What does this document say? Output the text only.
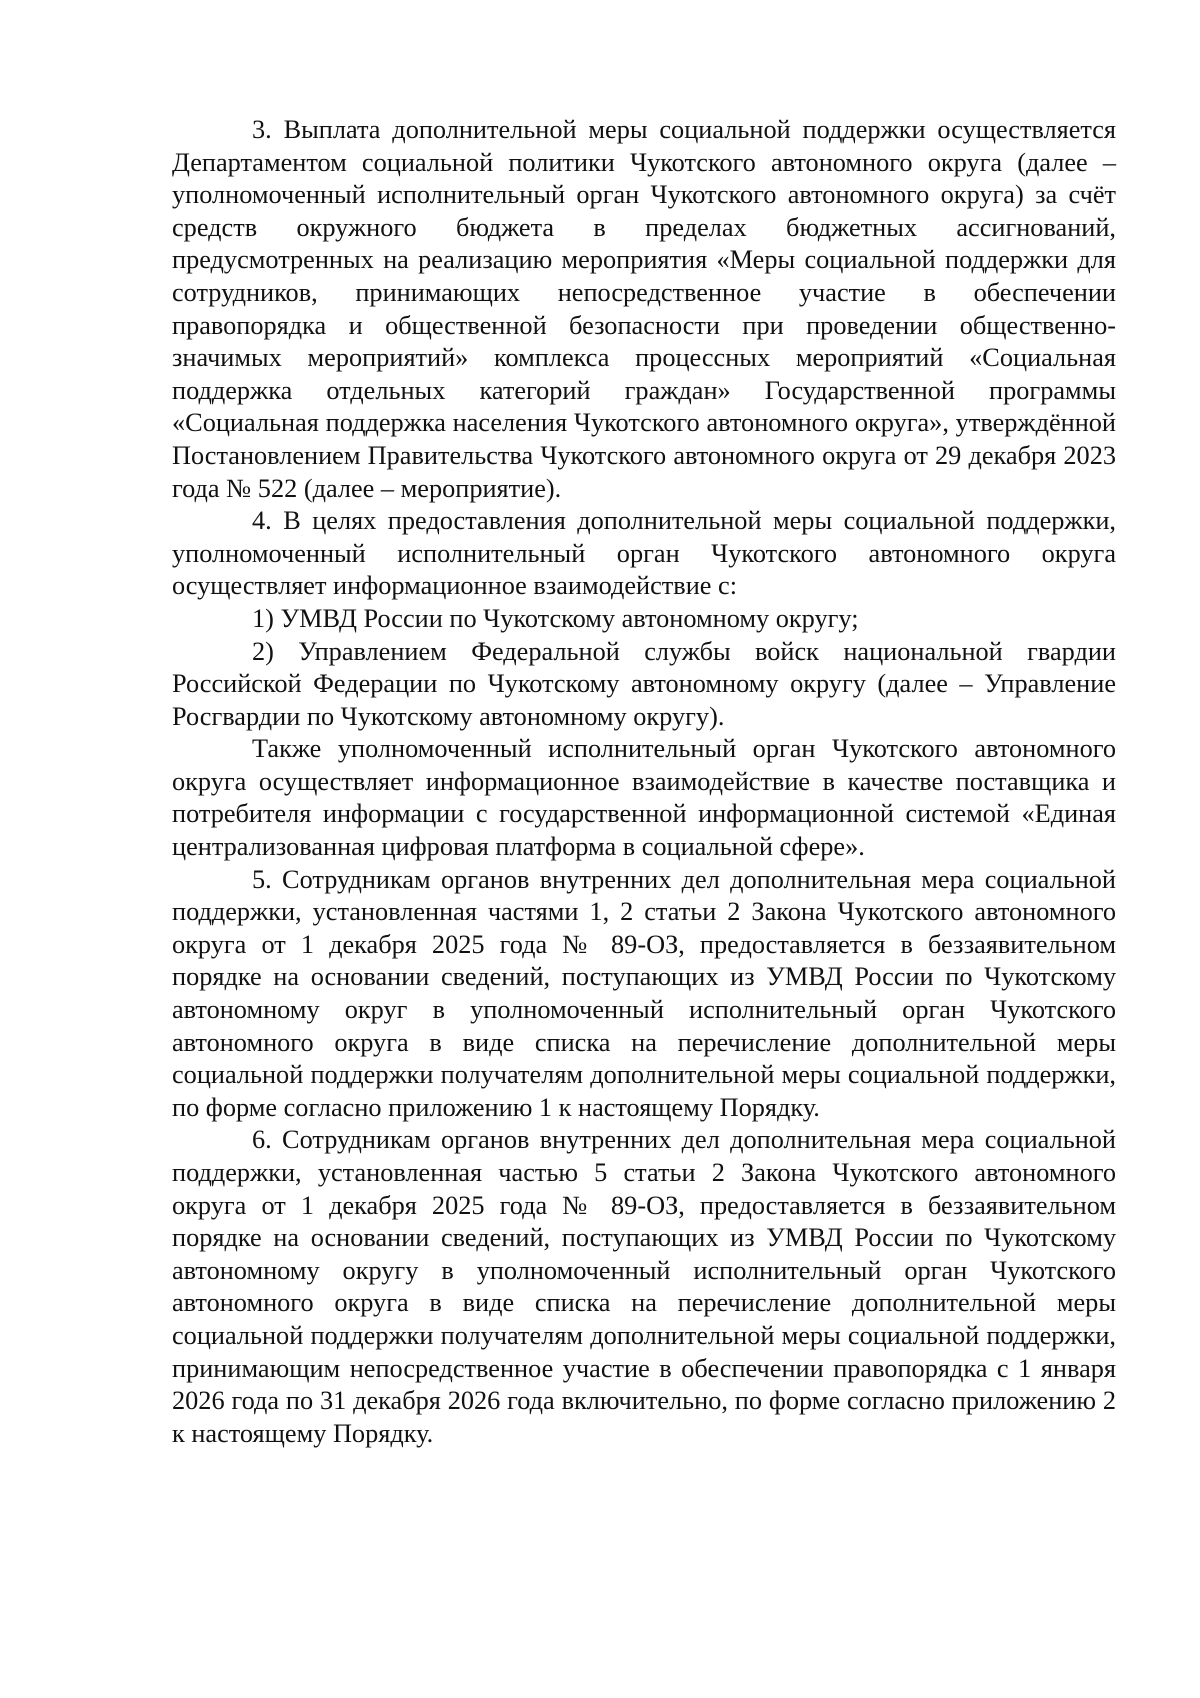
3. Выплата дополнительной меры социальной поддержки осуществляется Департаментом социальной политики Чукотского автономного округа (далее – уполномоченный исполнительный орган Чукотского автономного округа) за счёт средств окружного бюджета в пределах бюджетных ассигнований, предусмотренных на реализацию мероприятия «Меры социальной поддержки для сотрудников, принимающих непосредственное участие в обеспечении правопорядка и общественной безопасности при проведении общественно-значимых мероприятий» комплекса процессных мероприятий «Социальная поддержка отдельных категорий граждан» Государственной программы «Социальная поддержка населения Чукотского автономного округа», утверждённой Постановлением Правительства Чукотского автономного округа от 29 декабря 2023 года № 522 (далее – мероприятие).

4. В целях предоставления дополнительной меры социальной поддержки, уполномоченный исполнительный орган Чукотского автономного округа осуществляет информационное взаимодействие с:

1) УМВД России по Чукотскому автономному округу;

2) Управлением Федеральной службы войск национальной гвардии Российской Федерации по Чукотскому автономному округу (далее – Управление Росгвардии по Чукотскому автономному округу).

Также уполномоченный исполнительный орган Чукотского автономного округа осуществляет информационное взаимодействие в качестве поставщика и потребителя информации с государственной информационной системой «Единая централизованная цифровая платформа в социальной сфере».

5. Сотрудникам органов внутренних дел дополнительная мера социальной поддержки, установленная частями 1, 2 статьи 2 Закона Чукотского автономного округа от 1 декабря 2025 года № 89-ОЗ, предоставляется в беззаявительном порядке на основании сведений, поступающих из УМВД России по Чукотскому автономному округ в уполномоченный исполнительный орган Чукотского автономного округа в виде списка на перечисление дополнительной меры социальной поддержки получателям дополнительной меры социальной поддержки, по форме согласно приложению 1 к настоящему Порядку.

6. Сотрудникам органов внутренних дел дополнительная мера социальной поддержки, установленная частью 5 статьи 2 Закона Чукотского автономного округа от 1 декабря 2025 года № 89-ОЗ, предоставляется в беззаявительном порядке на основании сведений, поступающих из УМВД России по Чукотскому автономному округу в уполномоченный исполнительный орган Чукотского автономного округа в виде списка на перечисление дополнительной меры социальной поддержки получателям дополнительной меры социальной поддержки, принимающим непосредственное участие в обеспечении правопорядка с 1 января 2026 года по 31 декабря 2026 года включительно, по форме согласно приложению 2 к настоящему Порядку.
